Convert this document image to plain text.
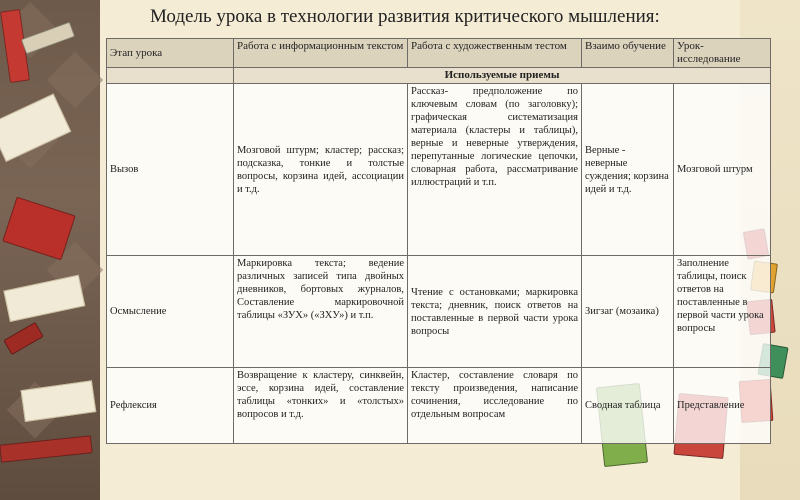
Модель урока в технологии развития критического мышления:
Этап урока	Работа с информационным текстом	Работа с художественным тестом	Взаимо обучение	Урок- исследование
	Используемые приемы			
Вызов	Мозговой штурм; кластер; рассказ; подсказка, тонкие и толстые вопросы, корзина идей, ассоциации и т.д.	Рассказ- предположение по ключевым словам (по заголовку); графическая систематизация материала (кластеры и таблицы), верные и неверные утверждения, перепутанные логические цепочки, словарная работа, рассматривание иллюстраций и т.п.	Верные - неверные суждения; корзина идей и т.д.	Мозговой штурм
Осмысление	Маркировка текста; ведение различных записей типа двойных дневников, бортовых журналов, Составление маркировочной таблицы «ЗУХ» («ЗХУ») и т.п.	Чтение с остановками; маркировка текста; дневник, поиск ответов на поставленные в первой части урока вопросы	Зигзаг (мозаика)	Заполнение таблицы, поиск ответов на поставленные в первой части урока вопросы
Рефлексия	Возвращение к кластеру, синквейн, эссе, корзина идей, составление таблицы «тонких» и «толстых» вопросов и т.д.	Кластер, составление словаря по тексту произведения, написание сочинения, исследование по отдельным вопросам	Сводная таблица	Представление
